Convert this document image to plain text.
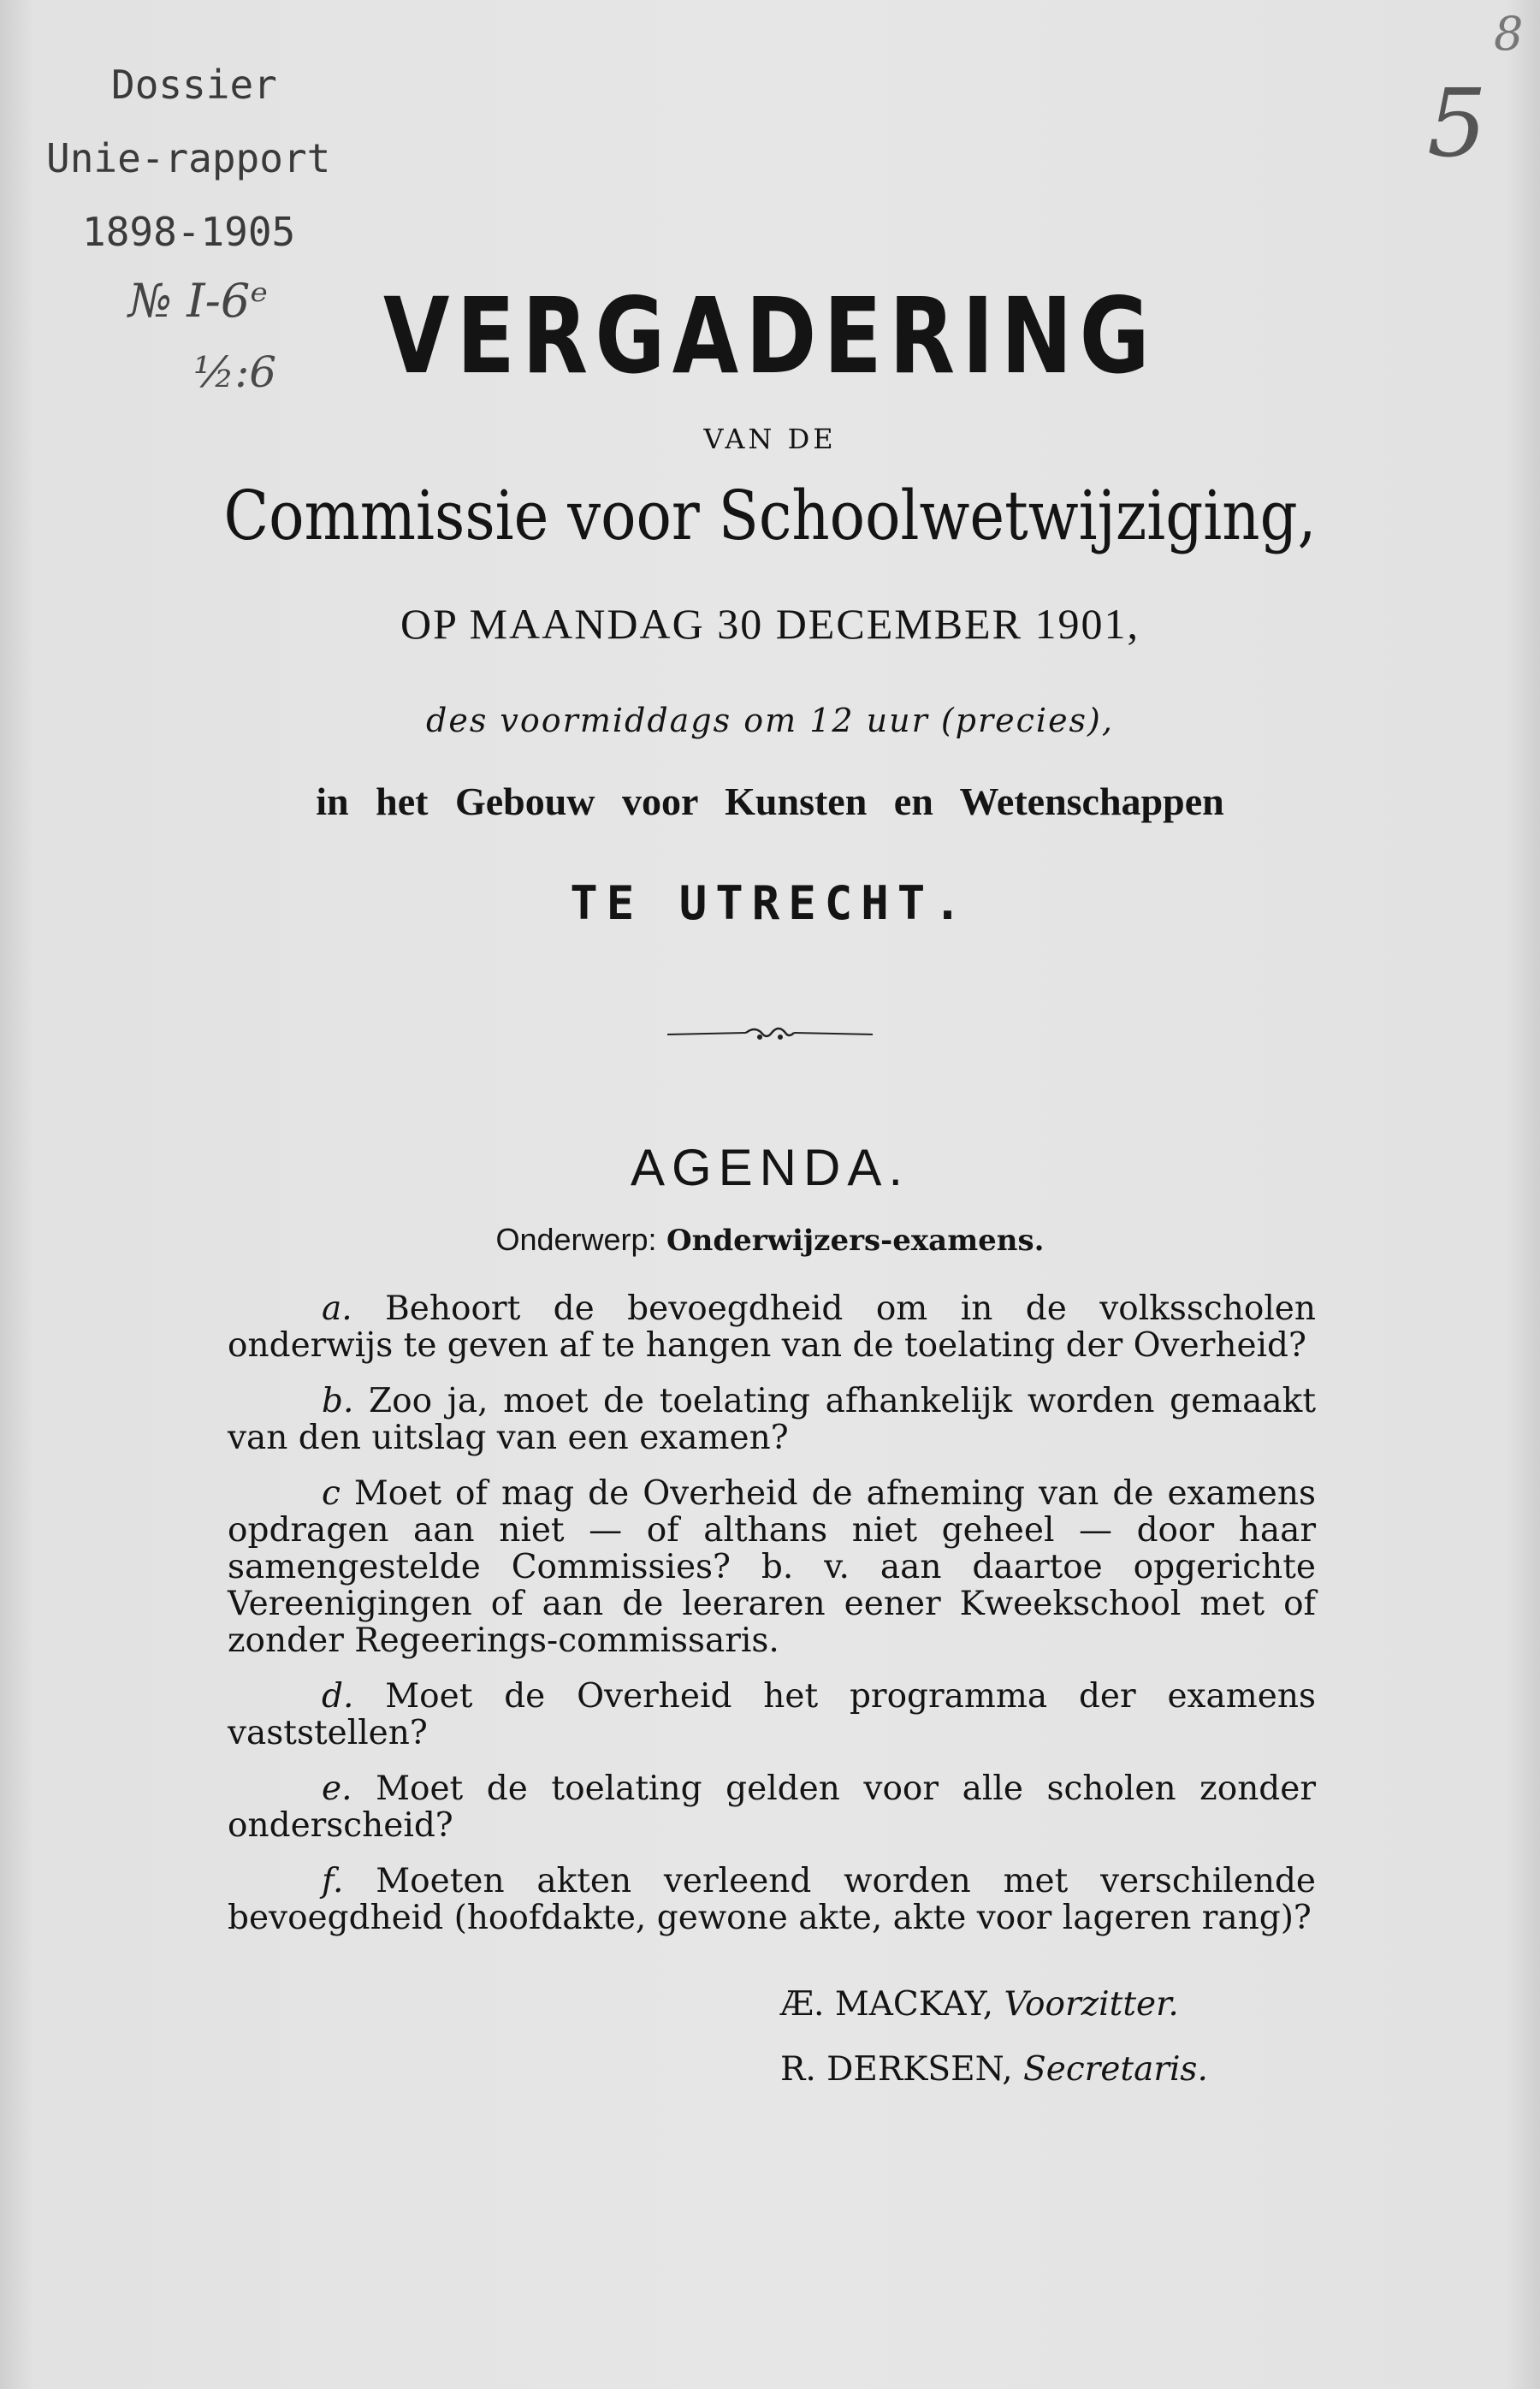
Dossier
Unie-rapport
1898-1905
№ I-6ᵉ
½:6
5
8
VERGADERING
VAN DE
Commissie voor Schoolwetwijziging,
OP MAANDAG 30 DECEMBER 1901,
des voormiddags om 12 uur (precies),
in het Gebouw voor Kunsten en Wetenschappen
TE UTRECHT.
AGENDA.
Onderwerp: Onderwijzers-examens.
a. Behoort de bevoegdheid om in de volksscholen onderwijs te geven af te hangen van de toelating der Overheid?
b. Zoo ja, moet de toelating afhankelijk worden gemaakt van den uitslag van een examen?
c Moet of mag de Overheid de afneming van de examens opdragen aan niet — of althans niet geheel — door haar samengestelde Commissies? b. v. aan daartoe opgerichte Vereenigingen of aan de leeraren eener Kweekschool met of zonder Regeerings-commissaris.
d. Moet de Overheid het programma der examens vaststellen?
e. Moet de toelating gelden voor alle scholen zonder onderscheid?
f. Moeten akten verleend worden met verschilende bevoegdheid (hoofdakte, gewone akte, akte voor lageren rang)?
Æ. MACKAY, Voorzitter.
R. DERKSEN, Secretaris.
